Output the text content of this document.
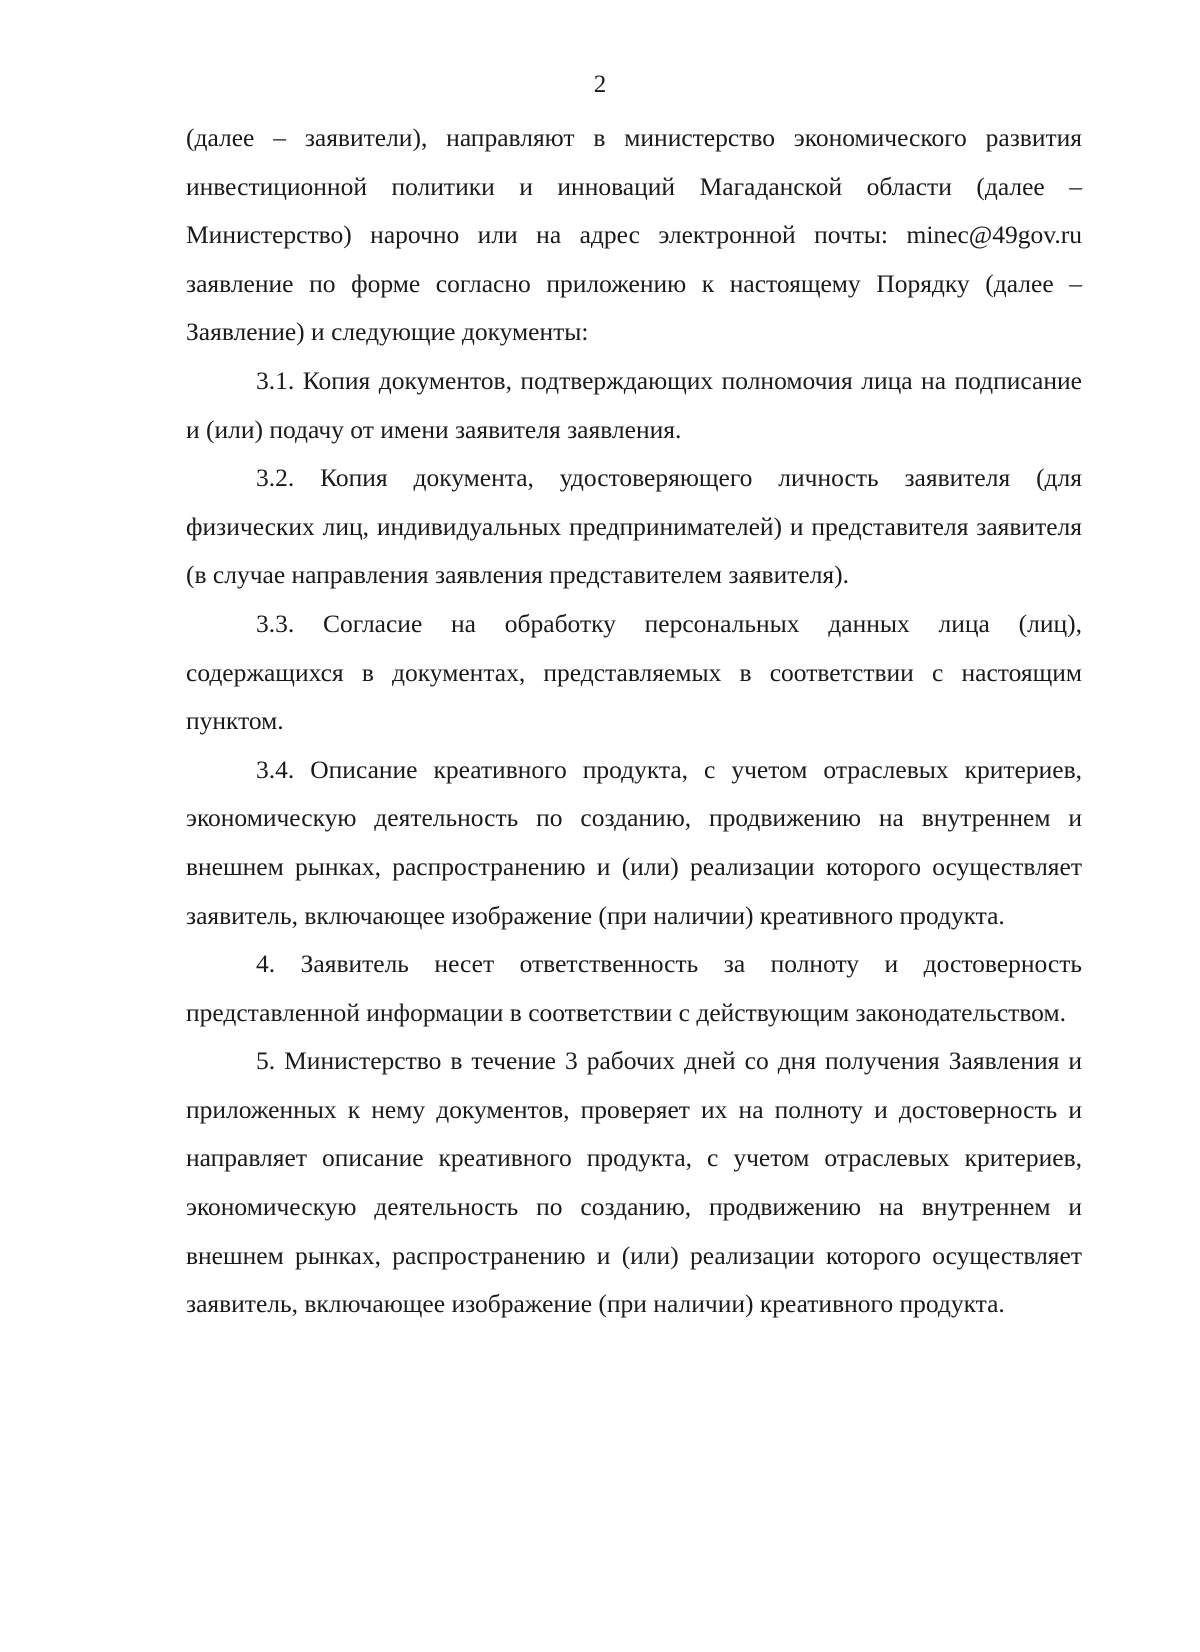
2

(далее – заявители), направляют в министерство экономического развития инвестиционной политики и инноваций Магаданской области (далее – Министерство) нарочно или на адрес электронной почты: minec@49gov.ru заявление по форме согласно приложению к настоящему Порядку (далее – Заявление) и следующие документы:

3.1. Копия документов, подтверждающих полномочия лица на подписание и (или) подачу от имени заявителя заявления.

3.2. Копия документа, удостоверяющего личность заявителя (для физических лиц, индивидуальных предпринимателей) и представителя заявителя (в случае направления заявления представителем заявителя).

3.3. Согласие на обработку персональных данных лица (лиц), содержащихся в документах, представляемых в соответствии с настоящим пунктом.

3.4. Описание креативного продукта, с учетом отраслевых критериев, экономическую деятельность по созданию, продвижению на внутреннем и внешнем рынках, распространению и (или) реализации которого осуществляет заявитель, включающее изображение (при наличии) креативного продукта.

4. Заявитель несет ответственность за полноту и достоверность представленной информации в соответствии с действующим законодательством.

5. Министерство в течение 3 рабочих дней со дня получения Заявления и приложенных к нему документов, проверяет их на полноту и достоверность и направляет описание креативного продукта, с учетом отраслевых критериев, экономическую деятельность по созданию, продвижению на внутреннем и внешнем рынках, распространению и (или) реализации которого осуществляет заявитель, включающее изображение (при наличии) креативного продукта.
